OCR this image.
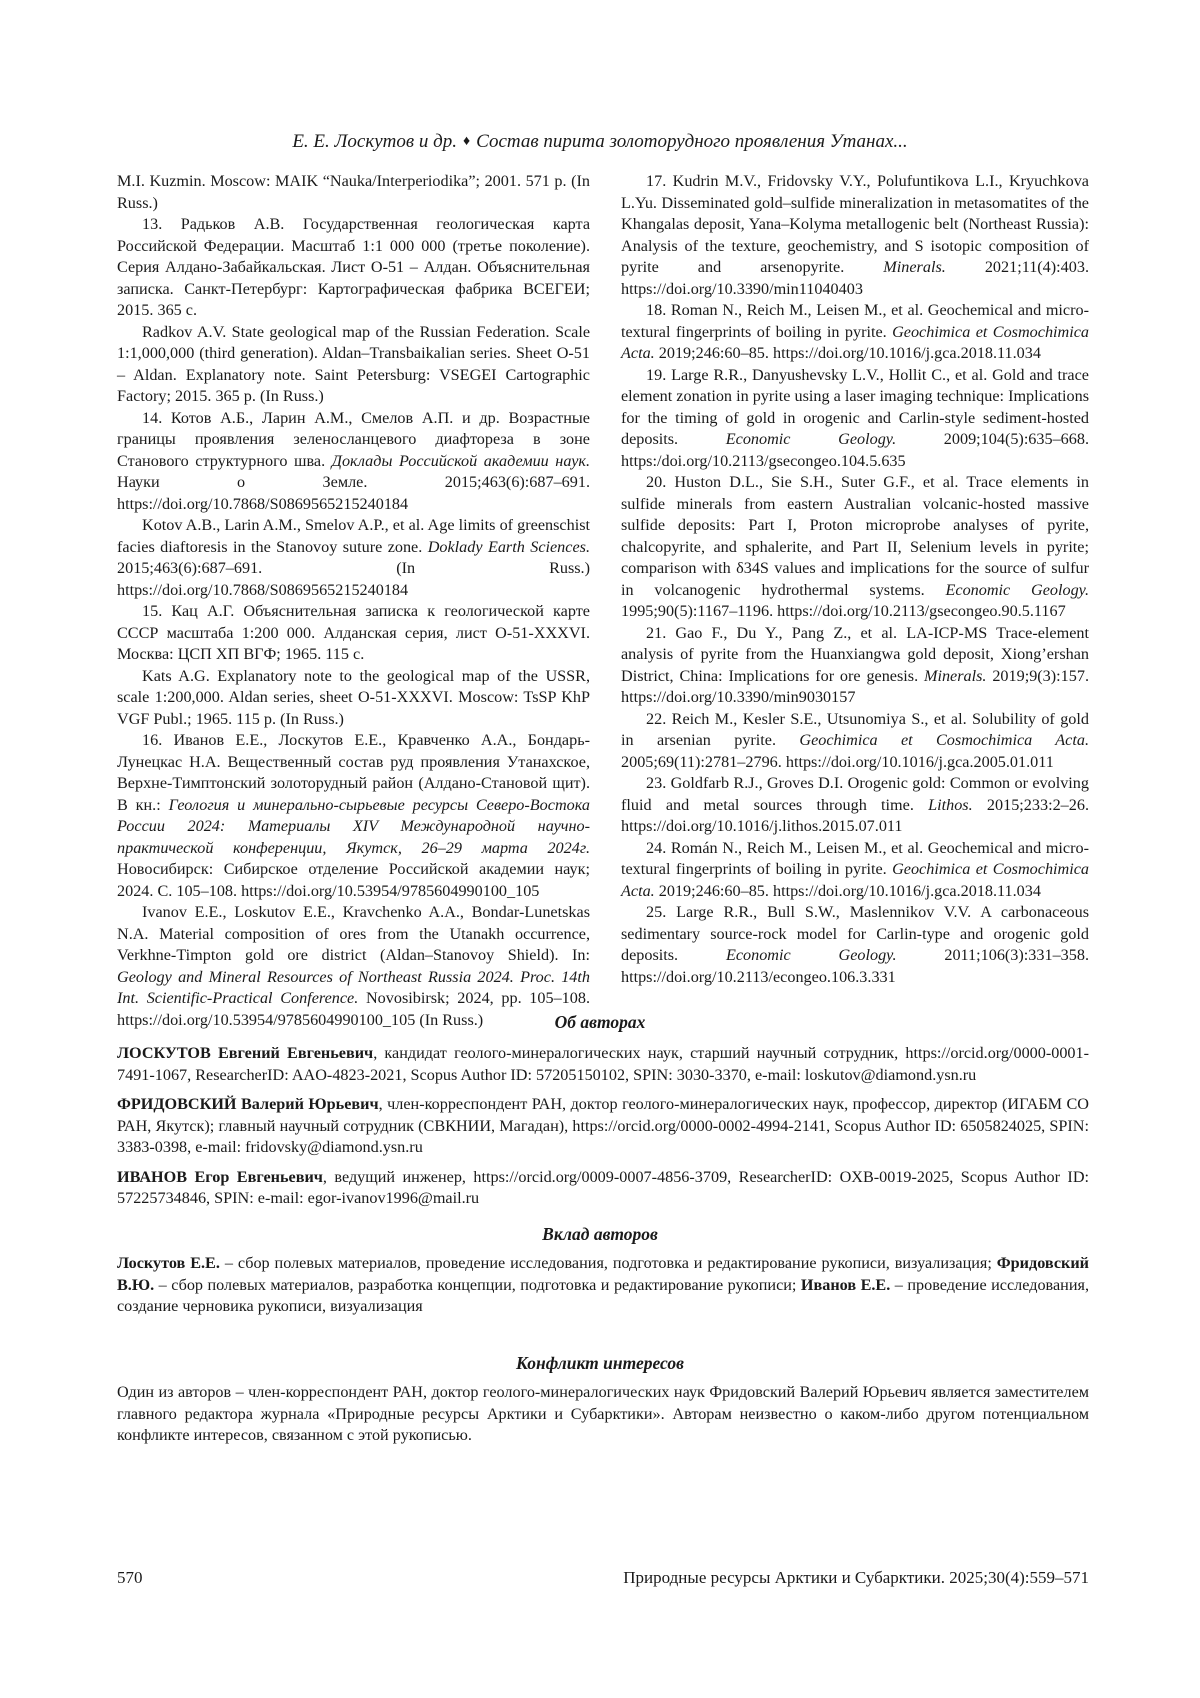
Е. Е. Лоскутов и др. ♦ Состав пирита золоторудного проявления Утанах...

M.I. Kuzmin. Moscow: MAIK “Nauka/Interperiodika”; 2001. 571 p. (In Russ.)

13. Радьков А.В. Государственная геологическая карта Российской Федерации. Масштаб 1:1 000 000 (третье поколение). Серия Алдано-Забайкальская. Лист О-51 – Алдан. Объяснительная записка. Санкт-Петербург: Картографическая фабрика ВСЕГЕИ; 2015. 365 с.

Radkov A.V. State geological map of the Russian Federation. Scale 1:1,000,000 (third generation). Aldan–Transbaikalian series. Sheet O-51 – Aldan. Explanatory note. Saint Petersburg: VSEGEI Cartographic Factory; 2015. 365 p. (In Russ.)

14. Котов А.Б., Ларин А.М., Смелов А.П. и др. Возрастные границы проявления зеленосланцевого диафтореза в зоне Станового структурного шва. Доклады Российской академии наук. Науки о Земле. 2015;463(6):687–691. https://doi.org/10.7868/S0869565215240184

Kotov A.B., Larin A.M., Smelov A.P., et al. Age limits of greenschist facies diaftoresis in the Stanovoy suture zone. Doklady Earth Sciences. 2015;463(6):687–691. (In Russ.) https://doi.org/10.7868/S0869565215240184

15. Кац А.Г. Объяснительная записка к геологической карте СССР масштаба 1:200 000. Алданская серия, лист О-51-XXXVI. Москва: ЦСП ХП ВГФ; 1965. 115 с.

Kats A.G. Explanatory note to the geological map of the USSR, scale 1:200,000. Aldan series, sheet O-51-XXXVI. Moscow: TsSP KhP VGF Publ.; 1965. 115 p. (In Russ.)

16. Иванов Е.Е., Лоскутов Е.Е., Кравченко А.А., Бондарь-Лунецкас Н.А. Вещественный состав руд проявления Утанахское, Верхне-Тимптонский золоторудный район (Алдано-Становой щит). В кн.: Геология и минерально-сырьевые ресурсы Северо-Востока России 2024: Материалы XIV Международной научно-практической конференции, Якутск, 26–29 марта 2024г. Новосибирск: Сибирское отделение Российской академии наук; 2024. С. 105–108. https://doi.org/10.53954/9785604990100_105

Ivanov E.E., Loskutov E.E., Kravchenko A.A., Bondar-Lunetskas N.A. Material composition of ores from the Utanakh occurrence, Verkhne-Timpton gold ore district (Aldan–Stanovoy Shield). In: Geology and Mineral Resources of Northeast Russia 2024. Proc. 14th Int. Scientific-Practical Conference. Novosibirsk; 2024, pp. 105–108. https://doi.org/10.53954/9785604990100_105 (In Russ.)

17. Kudrin M.V., Fridovsky V.Y., Polufuntikova L.I., Kryuchkova L.Yu. Disseminated gold–sulfide mineralization in metasomatites of the Khangalas deposit, Yana–Kolyma metallogenic belt (Northeast Russia): Analysis of the texture, geochemistry, and S isotopic composition of pyrite and arsenopyrite. Minerals. 2021;11(4):403. https://doi.org/10.3390/min11040403

18. Roman N., Reich M., Leisen M., et al. Geochemical and micro-textural fingerprints of boiling in pyrite. Geochimica et Cosmochimica Acta. 2019;246:60–85. https://doi.org/10.1016/j.gca.2018.11.034

19. Large R.R., Danyushevsky L.V., Hollit C., et al. Gold and trace element zonation in pyrite using a laser imaging technique: Implications for the timing of gold in orogenic and Carlin-style sediment-hosted deposits. Economic Geology. 2009;104(5):635–668. https:/doi.org/10.2113/gsecongeo.104.5.635

20. Huston D.L., Sie S.H., Suter G.F., et al. Trace elements in sulfide minerals from eastern Australian volcanic-hosted massive sulfide deposits: Part I, Proton microprobe analyses of pyrite, chalcopyrite, and sphalerite, and Part II, Selenium levels in pyrite; comparison with δ34S values and implications for the source of sulfur in volcanogenic hydrothermal systems. Economic Geology. 1995;90(5):1167–1196. https://doi.org/10.2113/gsecongeo.90.5.1167

21. Gao F., Du Y., Pang Z., et al. LA-ICP-MS Trace-element analysis of pyrite from the Huanxiangwa gold deposit, Xiong’ershan District, China: Implications for ore genesis. Minerals. 2019;9(3):157. https://doi.org/10.3390/min9030157

22. Reich M., Kesler S.E., Utsunomiya S., et al. Solubility of gold in arsenian pyrite. Geochimica et Cosmochimica Acta. 2005;69(11):2781–2796. https://doi.org/10.1016/j.gca.2005.01.011

23. Goldfarb R.J., Groves D.I. Orogenic gold: Common or evolving fluid and metal sources through time. Lithos. 2015;233:2–26. https://doi.org/10.1016/j.lithos.2015.07.011

24. Román N., Reich M., Leisen M., et al. Geochemical and micro-textural fingerprints of boiling in pyrite. Geochimica et Cosmochimica Acta. 2019;246:60–85. https://doi.org/10.1016/j.gca.2018.11.034

25. Large R.R., Bull S.W., Maslennikov V.V. A carbonaceous sedimentary source-rock model for Carlin-type and orogenic gold deposits. Economic Geology. 2011;106(3):331–358. https://doi.org/10.2113/econgeo.106.3.331

Об авторах

ЛОСКУТОВ Евгений Евгеньевич, кандидат геолого-минералогических наук, старший научный сотрудник, https://orcid.org/0000-0001-7491-1067, ResearcherID: AAO-4823-2021, Scopus Author ID: 57205150102, SPIN: 3030-3370, e-mail: loskutov@diamond.ysn.ru

ФРИДОВСКИЙ Валерий Юрьевич, член-корреспондент РАН, доктор геолого-минералогических наук, профессор, директор (ИГАБМ СО РАН, Якутск); главный научный сотрудник (СВКНИИ, Магадан), https://orcid.org/0000-0002-4994-2141, Scopus Author ID: 6505824025, SPIN: 3383-0398, e-mail: fridovsky@diamond.ysn.ru

ИВАНОВ Егор Евгеньевич, ведущий инженер, https://orcid.org/0009-0007-4856-3709, ResearcherID: OXB-0019-2025, Scopus Author ID: 57225734846, SPIN: e-mail: egor-ivanov1996@mail.ru

Вклад авторов

Лоскутов Е.Е. – сбор полевых материалов, проведение исследования, подготовка и редактирование рукописи, визуализация; Фридовский В.Ю. – сбор полевых материалов, разработка концепции, подготовка и редактирование рукописи; Иванов Е.Е. – проведение исследования, создание черновика рукописи, визуализация

Конфликт интересов

Один из авторов – член-корреспондент РАН, доктор геолого-минералогических наук Фридовский Валерий Юрьевич является заместителем главного редактора журнала «Природные ресурсы Арктики и Субарктики». Авторам неизвестно о каком-либо другом потенциальном конфликте интересов, связанном с этой рукописью.

570	Природные ресурсы Арктики и Субарктики. 2025;30(4):559–571
